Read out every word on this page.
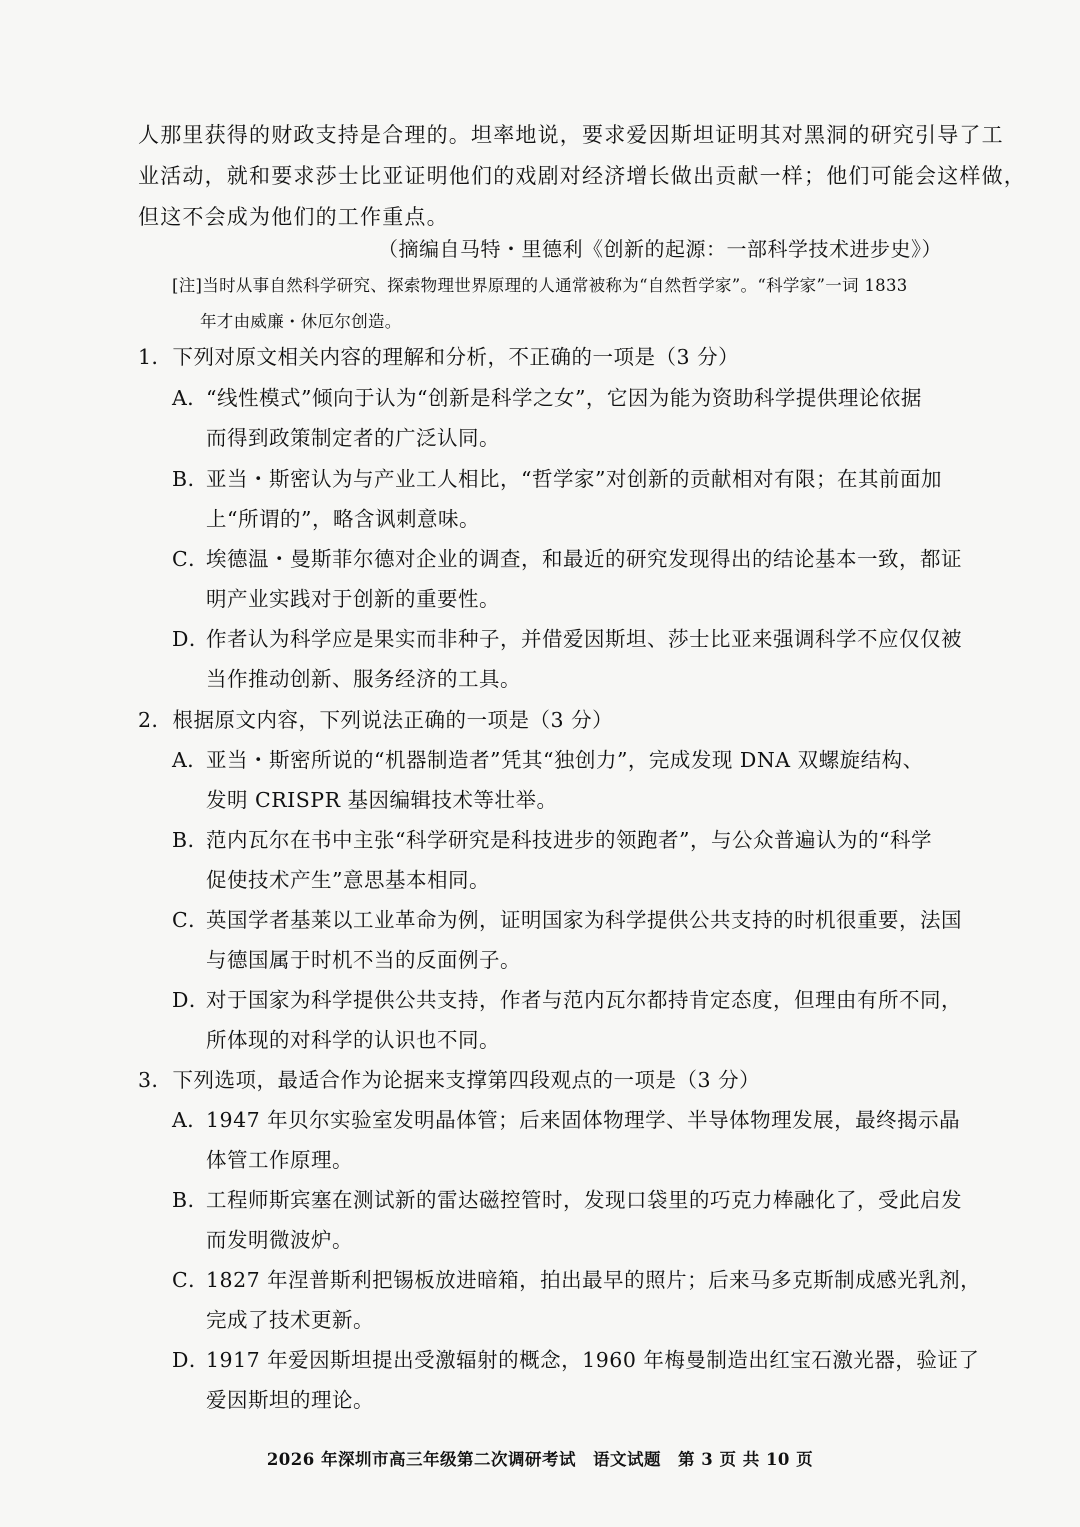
人那里获得的财政支持是合理的。坦率地说，要求爱因斯坦证明其对黑洞的研究引导了工
业活动，就和要求莎士比亚证明他们的戏剧对经济增长做出贡献一样；他们可能会这样做，
但这不会成为他们的工作重点。
（摘编自马特・里德利《创新的起源：一部科学技术进步史》）
[注]当时从事自然科学研究、探索物理世界原理的人通常被称为“自然哲学家”。“科学家”一词 1833
年才由威廉・休厄尔创造。
1．下列对原文相关内容的理解和分析，不正确的一项是（3 分）
A．“线性模式”倾向于认为“创新是科学之女”，它因为能为资助科学提供理论依据
而得到政策制定者的广泛认同。
B．亚当・斯密认为与产业工人相比，“哲学家”对创新的贡献相对有限；在其前面加
上“所谓的”，略含讽刺意味。
C．埃德温・曼斯菲尔德对企业的调查，和最近的研究发现得出的结论基本一致，都证
明产业实践对于创新的重要性。
D．作者认为科学应是果实而非种子，并借爱因斯坦、莎士比亚来强调科学不应仅仅被
当作推动创新、服务经济的工具。
2．根据原文内容，下列说法正确的一项是（3 分）
A．亚当・斯密所说的“机器制造者”凭其“独创力”，完成发现 DNA 双螺旋结构、
发明 CRISPR 基因编辑技术等壮举。
B．范内瓦尔在书中主张“科学研究是科技进步的领跑者”，与公众普遍认为的“科学
促使技术产生”意思基本相同。
C．英国学者基莱以工业革命为例，证明国家为科学提供公共支持的时机很重要，法国
与德国属于时机不当的反面例子。
D．对于国家为科学提供公共支持，作者与范内瓦尔都持肯定态度，但理由有所不同，
所体现的对科学的认识也不同。
3．下列选项，最适合作为论据来支撑第四段观点的一项是（3 分）
A．1947 年贝尔实验室发明晶体管；后来固体物理学、半导体物理发展，最终揭示晶
体管工作原理。
B．工程师斯宾塞在测试新的雷达磁控管时，发现口袋里的巧克力棒融化了，受此启发
而发明微波炉。
C．1827 年涅普斯利把锡板放进暗箱，拍出最早的照片；后来马多克斯制成感光乳剂，
完成了技术更新。
D．1917 年爱因斯坦提出受激辐射的概念，1960 年梅曼制造出红宝石激光器，验证了
爱因斯坦的理论。
2026 年深圳市高三年级第二次调研考试　语文试题　第 3 页 共 10 页
